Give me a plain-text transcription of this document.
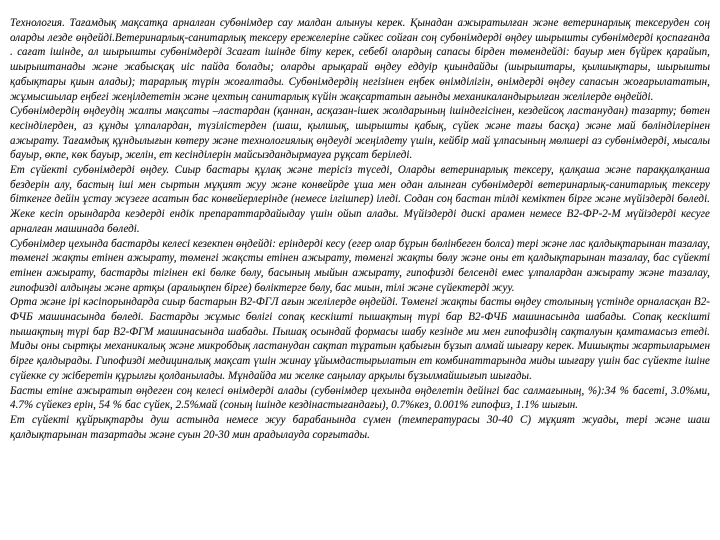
Технология. Тағамдық мақсатқа арналған субөнімдер сау малдан алынуы керек. Қынадан ажыратылған және ветеринарлық тексеруден соң оларды лезде өңдейді.Ветеринарлық-санитарлық тексеру ережелеріне сәйкес сойған соң субөнімдерді өңдеу шырышты субөнімдерді қоспағанда . сағат ішінде, ал шырышты субөнімдерді 3сағат ішінде бiту керек, себебі олардың сапасы бірден төмендейді: бауыр мен бүйрек қарайып, шырыштанады және жабысқақ иіс пайда болады; оларды арықарай өңдеу еддуір қиындайды (шырыштары, қылшықтары, шырышты қабықтары қиын алады); тарарлық түрін жоғалтады. Субөнімдердің негізінен еңбек өнімділігін, өнімдерді өңдеу сапасын жоғарылататын, жұмысшылар еңбегі жеңілдететін және цехтың санитарлық күйін жақсартатын ағынды механикаландырылған желілерде өңдейді.

Субөнімдердің өңдеудің жалпы мақсаты –ластардан (қаннан, асқазан-ішек жолдарының ішіндегісінен, кездейсоқ ластанудан) тазарту; бөтен кесінділерден, аз құнды ұлпалардан, түзілістерден (шаш, қылшық, шырышты қабық, сүйек және тағы басқа) және май бөлінділерінен ажырату. Тағамдық құндылығын көтеру және технологиялық өңдеуді жеңілдету үшін, кейбір май ұлпасының мөлшері аз субөнімдерді, мысалы бауыр, өкпе, көк бауыр, желін, ет кесінділерін майсыздандырмауға рұқсат беріледі.

Ет сүйекті субөнімдерді өңдеу. Сиыр бастары құлақ және терісіз түседі, Оларды ветеринарлық тексеру, қалқаша және параққалқанша бездерін алу, бастың іші мен сыртын мұқият жуу және конвейрде ұша мен одан алынған субөнімдерді ветеринарлық-санитарлық тексеру біткенге дейін ұстау жүзеге асатын бас конвейерлерінде (немесе ілгішпер) іледі. Содан соң бастан тілді кеміктен бірге және мүйіздерді бөледі. Жеке кесіп орындарда кеэдерді ендік препараттардайыдау үшін ойып алады. Мүйіздерді дискі арамен немесе В2-ФР-2-М мүйіздерді кесуге арналған машинада бөледі.

Субөнімдер цехында бастарды келесі кезекпен өңдейді: еріндерді кесу (егер олар бұрын бөлінбеген болса) тері және лас қалдықтарынан тазалау, төменгі жақты етінен ажырату, төменгі жақсты етінен ажырату, төменгі жақты бөлу және оны ет қалдықтарынан тазалау, бас сүйекті етінен ажырату, бастарды тігінен екі бөлке бөлу, басының мыйын ажырату, гипофизді белсенді емес ұлпалардан ажырату және тазалау, гипофизді алдыңғы және артқы (аралықпен бірге) бөліктерге бөлу, бас миын, тілі және сүйектерді жуу.

Орта және ірі кәсіпорындарда сиыр бастарын В2-ФГЛ ағын желілерде өңдейді. Төменгі жақты басты өңдеу столының үстінде орналасқан В2-ФЧБ машинасында бөледі. Бастарды жұмыс бөлігі сопақ кескішті пышақтың түрі бар В2-ФЧБ машинасында шабады. Сопақ кескішті пышақтың түрі бар В2-ФГМ машинасында шабады. Пышақ осындай формасы шабу кезінде ми мен гипофиздің сақталуын қамтамасыз етеді. Миды оны сыртқы механикалық және микробдық ластанудан сақтап тұратын қабығын бұзып алмай шығару керек. Мишықты жартыларымен бірге қалдырады. Гипофизді медициналық мақсат үшін жинау ұйымдастырылатын ет комбинаттарында миды шығару үшін бас сүйекте ішіне сүйекке су жіберетін құрылғы қолданылады. Мұндайда ми желке саңылау арқылы бұзылмайшығып шығады.

Басты етіне ажыратып өңдеген соң келесі өнімдерді алады (субөнімдер цехында өңделетін дейінгі бас салмағының, %):34 % басеті, 3.0%ми, 4.7% сүйекез ерін, 54 % бас сүйек, 2.5%май (соның ішінде кездінастығандағы), 0.7%кез, 0.001% гипофиз, 1.1% шығын.

Ет сүйекті құйрықтарды душ астында немесе жуу барабанында сүмен (температурасы 30-40 С) мұқият жуады, тері және шаш қалдықтарынан тазартады және суын 20-30 мин арадылауда сорғытады.
